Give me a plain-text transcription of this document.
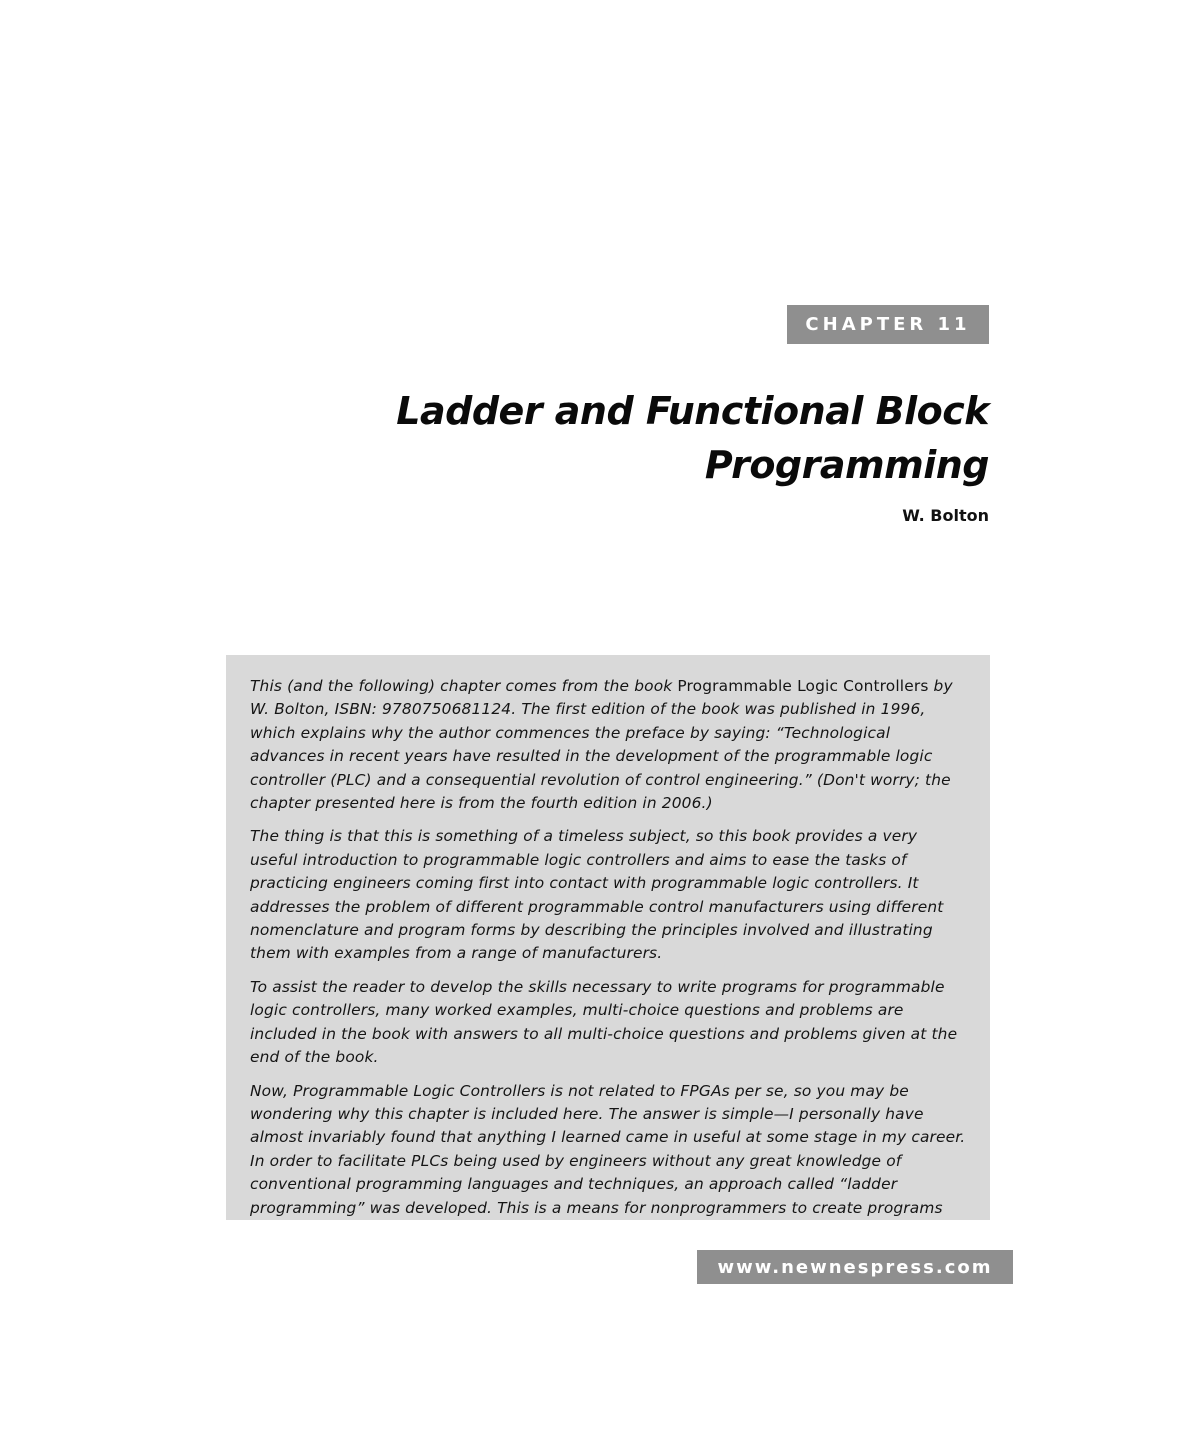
CHAPTER 11
Ladder and Functional Block
Programming
W. Bolton

This (and the following) chapter comes from the book Programmable Logic Controllers by W. Bolton, ISBN: 9780750681124. The first edition of the book was published in 1996, which explains why the author commences the preface by saying: “Technological advances in recent years have resulted in the development of the programmable logic controller (PLC) and a consequential revolution of control engineering.” (Don't worry; the chapter presented here is from the fourth edition in 2006.)

The thing is that this is something of a timeless subject, so this book provides a very useful introduction to programmable logic controllers and aims to ease the tasks of practicing engineers coming first into contact with programmable logic controllers. It addresses the problem of different programmable control manufacturers using different nomenclature and program forms by describing the principles involved and illustrating them with examples from a range of manufacturers.

To assist the reader to develop the skills necessary to write programs for programmable logic controllers, many worked examples, multi-choice questions and problems are included in the book with answers to all multi-choice questions and problems given at the end of the book.

Now, Programmable Logic Controllers is not related to FPGAs per se, so you may be wondering why this chapter is included here. The answer is simple—I personally have almost invariably found that anything I learned came in useful at some stage in my career. In order to facilitate PLCs being used by engineers without any great knowledge of conventional programming languages and techniques, an approach called “ladder programming” was developed. This is a means for nonprogrammers to create programs

www.newnespress.com
